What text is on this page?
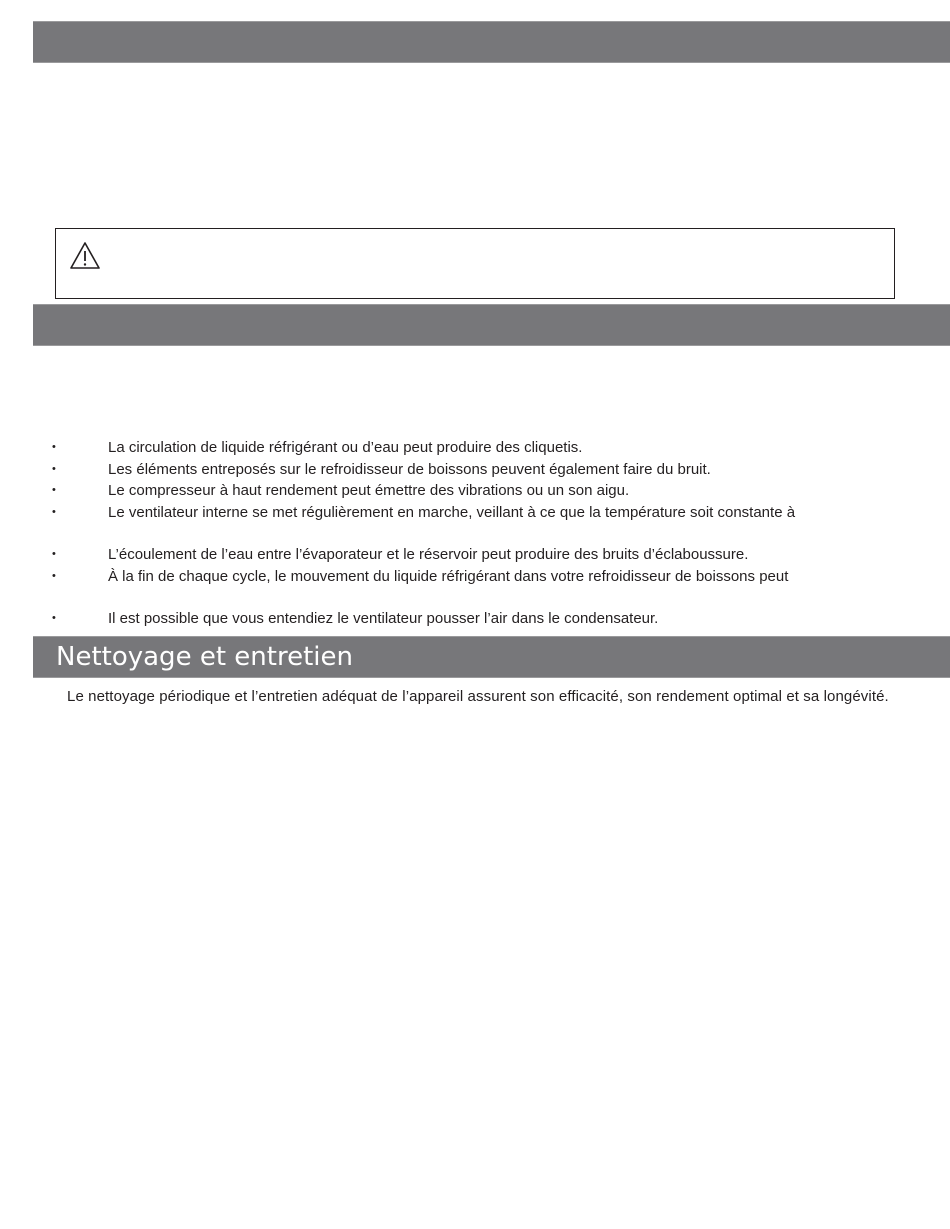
•	La circulation de liquide réfrigérant ou d’eau peut produire des cliquetis.
•	Les éléments entreposés sur le refroidisseur de boissons peuvent également faire du bruit.
•	Le compresseur à haut rendement peut émettre des vibrations ou un son aigu.
•	Le ventilateur interne se met régulièrement en marche, veillant à ce que la température soit constante à
•	L’écoulement de l’eau entre l’évaporateur et le réservoir peut produire des bruits d’éclaboussure.
•	À la fin de chaque cycle, le mouvement du liquide réfrigérant dans votre refroidisseur de boissons peut
•	Il est possible que vous entendiez le ventilateur pousser l’air dans le condensateur.
Nettoyage et entretien

Le nettoyage périodique et l’entretien adéquat de l’appareil assurent son efficacité, son rendement optimal et sa longévité.
